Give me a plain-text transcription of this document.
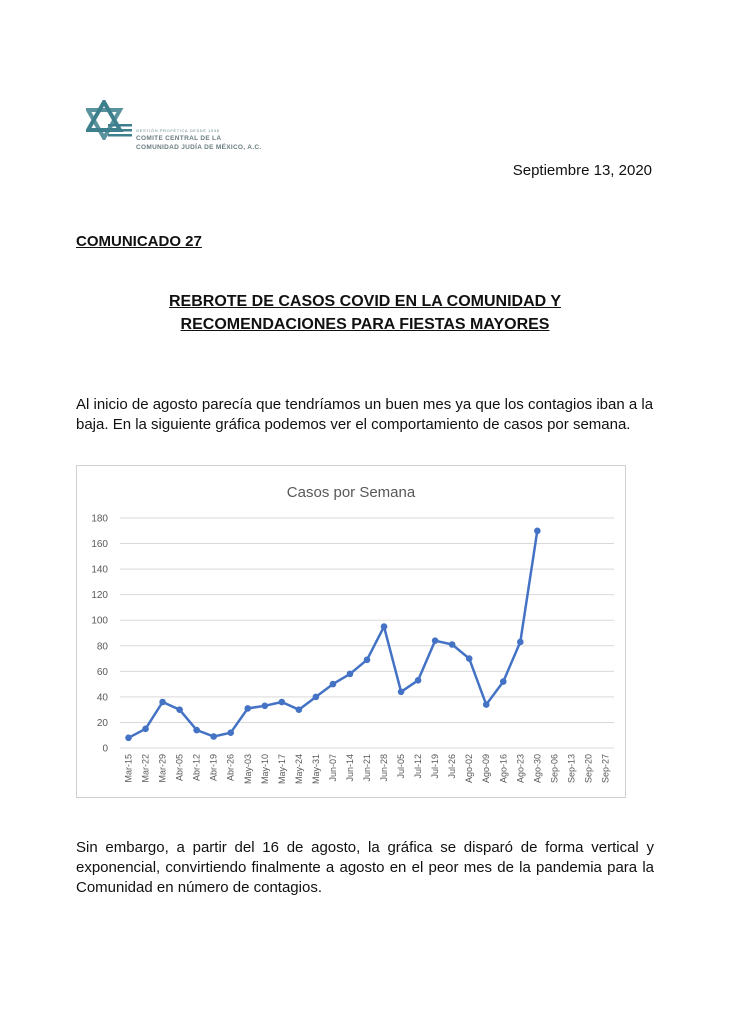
GESTIÓN PROFÉTICA DESDE 1938
COMITE CENTRAL DE LA
COMUNIDAD JUDÍA DE MÉXICO, A.C.
Septiembre 13, 2020
COMUNICADO 27
REBROTE DE CASOS COVID EN LA COMUNIDAD Y
RECOMENDACIONES PARA FIESTAS MAYORES
Al inicio de agosto parecía que tendríamos un buen mes ya que los contagios iban a la baja. En la siguiente gráfica podemos ver el comportamiento de casos por semana.
Casos por Semana
0
20
40
60
80
100
120
140
160
180
Mar-15 Mar-22 Mar-29 Abr-05 Abr-12 Abr-19 Abr-26 May-03 May-10 May-17 May-24 May-31 Jun-07 Jun-14 Jun-21 Jun-28 Jul-05 Jul-12 Jul-19 Jul-26 Ago-02 Ago-09 Ago-16 Ago-23 Ago-30 Sep-06 Sep-13 Sep-20 Sep-27
Sin embargo, a partir del 16 de agosto, la gráfica se disparó de forma vertical y exponencial, convirtiendo finalmente a agosto en el peor mes de la pandemia para la Comunidad en número de contagios.
